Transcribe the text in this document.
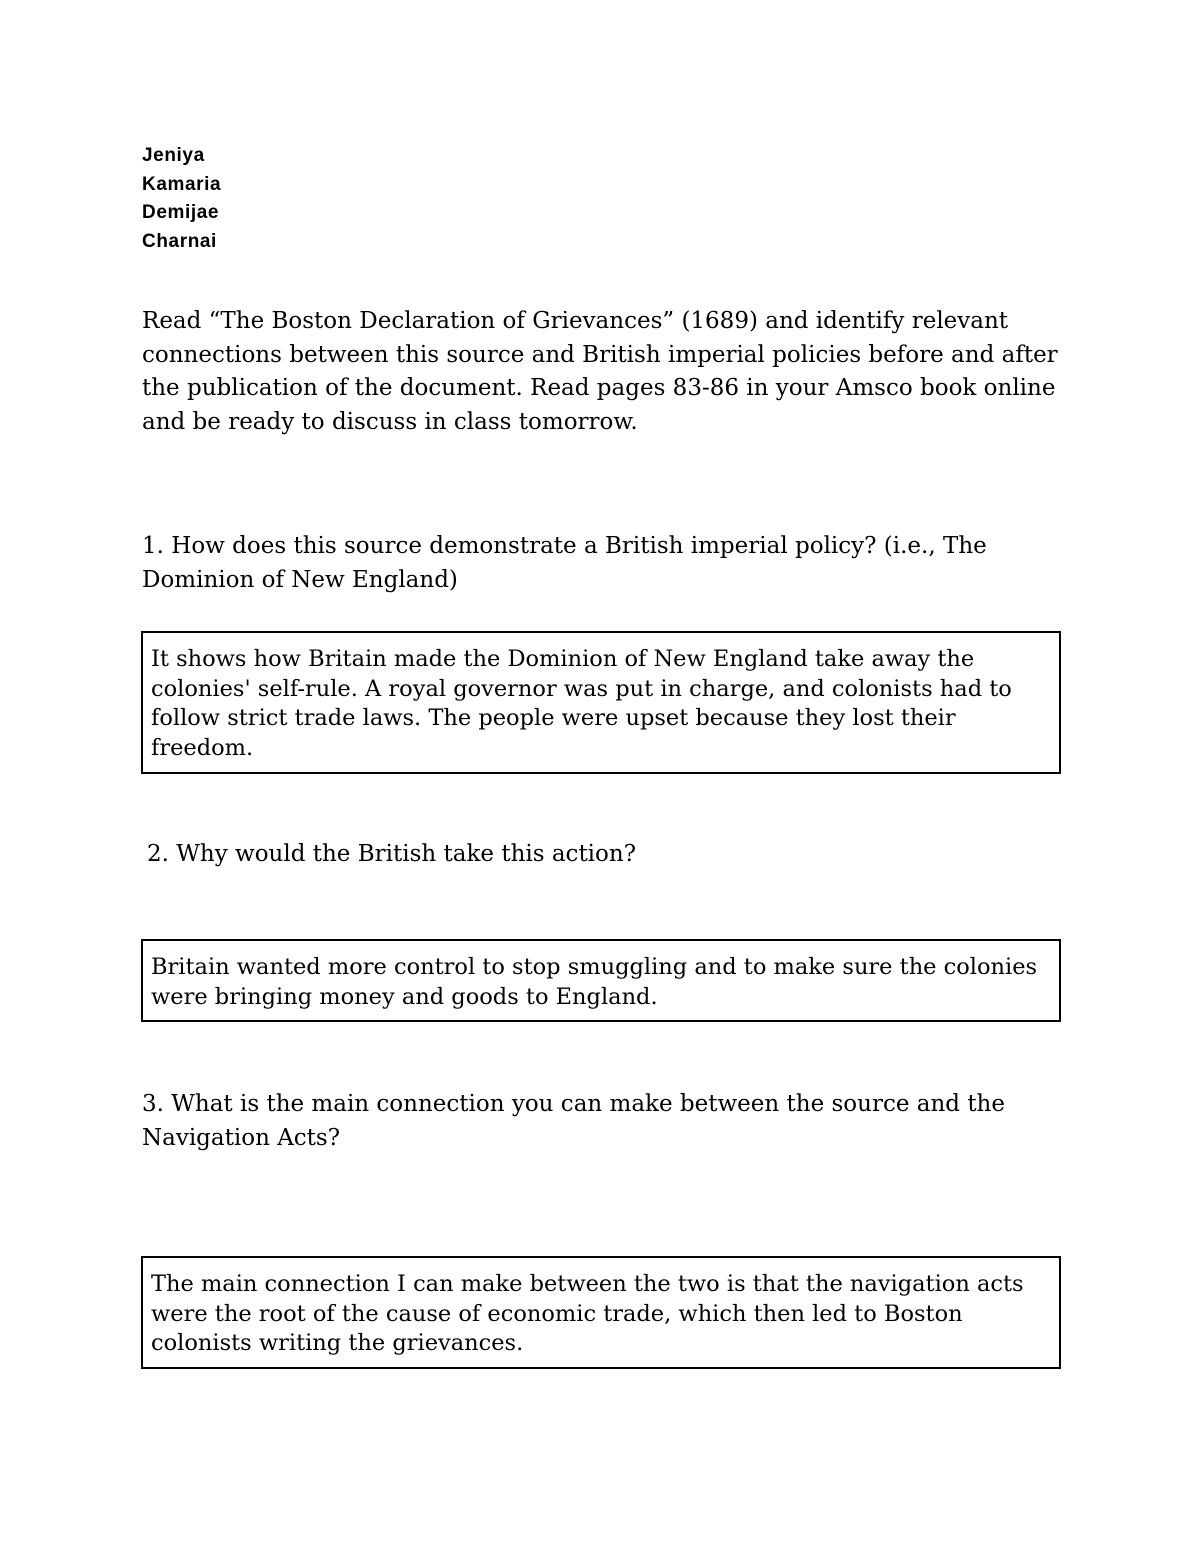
Jeniya
Kamaria
Demijae
Charnai
Read “The Boston Declaration of Grievances” (1689) and identify relevant connections between this source and British imperial policies before and after the publication of the document. Read pages 83-86 in your Amsco book online and be ready to discuss in class tomorrow.
1. How does this source demonstrate a British imperial policy? (i.e., The Dominion of New England)
It shows how Britain made the Dominion of New England take away the colonies' self-rule. A royal governor was put in charge, and colonists had to follow strict trade laws. The people were upset because they lost their freedom.
2. Why would the British take this action?
Britain wanted more control to stop smuggling and to make sure the colonies were bringing money and goods to England.
3. What is the main connection you can make between the source and the Navigation Acts?
The main connection I can make between the two is that the navigation acts were the root of the cause of economic trade, which then led to Boston colonists writing the grievances.
